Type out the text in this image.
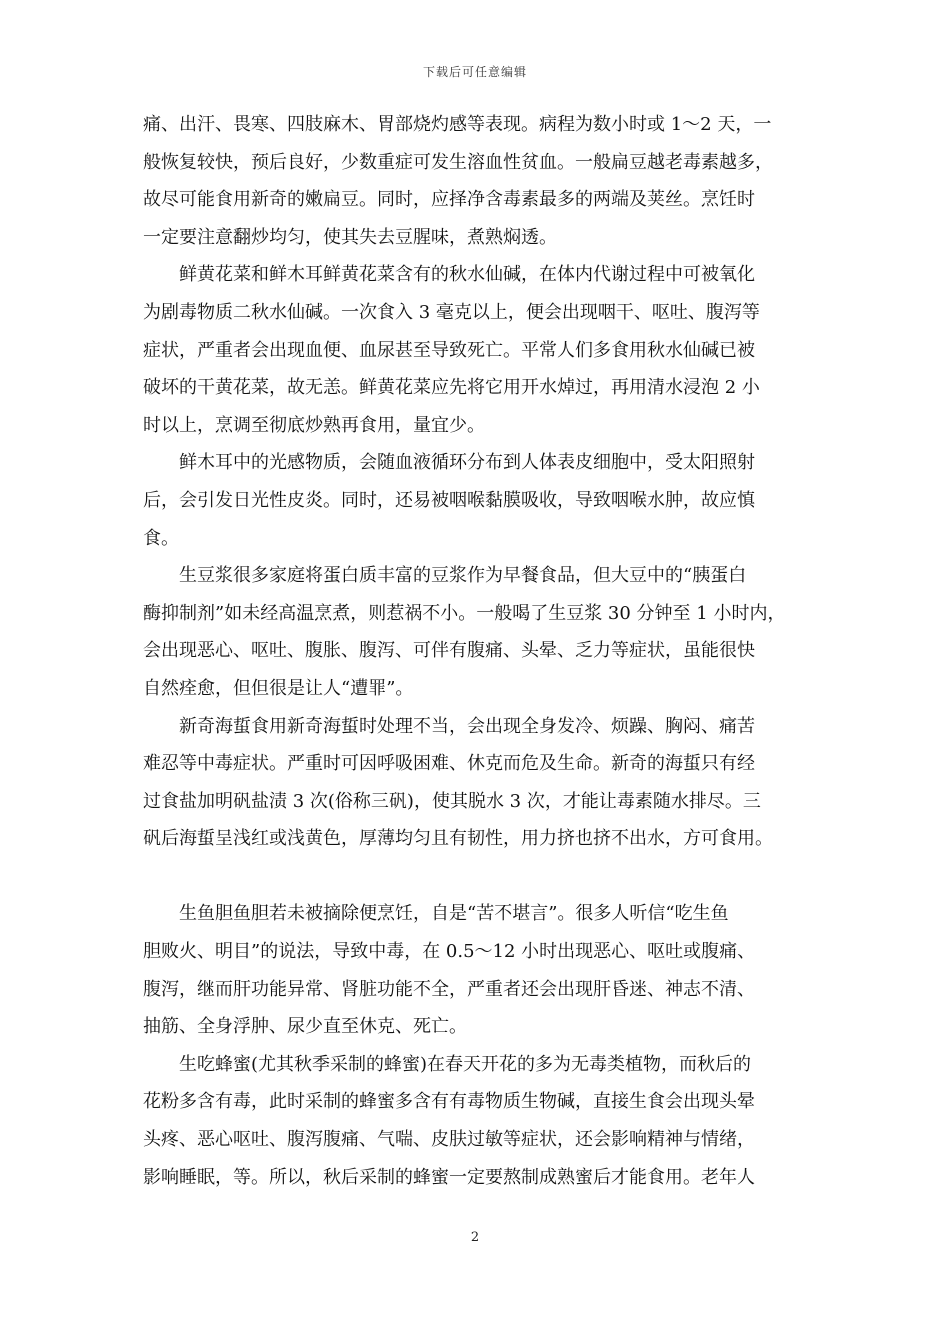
下载后可任意编辑
痛、出汗、畏寒、四肢麻木、胃部烧灼感等表现。病程为数小时或 1～2 天，一
般恢复较快，预后良好，少数重症可发生溶血性贫血。一般扁豆越老毒素越多，
故尽可能食用新奇的嫩扁豆。同时，应择净含毒素最多的两端及荚丝。烹饪时
一定要注意翻炒均匀，使其失去豆腥味，煮熟焖透。
　　鲜黄花菜和鲜木耳鲜黄花菜含有的秋水仙碱，在体内代谢过程中可被氧化
为剧毒物质二秋水仙碱。一次食入 3 毫克以上，便会出现咽干、呕吐、腹泻等
症状，严重者会出现血便、血尿甚至导致死亡。平常人们多食用秋水仙碱已被
破坏的干黄花菜，故无恙。鲜黄花菜应先将它用开水焯过，再用清水浸泡 2 小
时以上，烹调至彻底炒熟再食用，量宜少。
　　鲜木耳中的光感物质，会随血液循环分布到人体表皮细胞中，受太阳照射
后，会引发日光性皮炎。同时，还易被咽喉黏膜吸收，导致咽喉水肿，故应慎
食。
　　生豆浆很多家庭将蛋白质丰富的豆浆作为早餐食品，但大豆中的“胰蛋白
酶抑制剂”如未经高温烹煮，则惹祸不小。一般喝了生豆浆 30 分钟至 1 小时内，
会出现恶心、呕吐、腹胀、腹泻、可伴有腹痛、头晕、乏力等症状，虽能很快
自然痊愈，但但很是让人“遭罪”。
　　新奇海蜇食用新奇海蜇时处理不当，会出现全身发冷、烦躁、胸闷、痛苦
难忍等中毒症状。严重时可因呼吸困难、休克而危及生命。新奇的海蜇只有经
过食盐加明矾盐渍 3 次(俗称三矾)，使其脱水 3 次，才能让毒素随水排尽。三
矾后海蜇呈浅红或浅黄色，厚薄均匀且有韧性，用力挤也挤不出水，方可食用。
　　生鱼胆鱼胆若未被摘除便烹饪，自是“苦不堪言”。很多人听信“吃生鱼
胆败火、明目”的说法，导致中毒，在 0.5～12 小时出现恶心、呕吐或腹痛、
腹泻，继而肝功能异常、肾脏功能不全，严重者还会出现肝昏迷、神志不清、
抽筋、全身浮肿、尿少直至休克、死亡。
　　生吃蜂蜜(尤其秋季采制的蜂蜜)在春天开花的多为无毒类植物，而秋后的
花粉多含有毒，此时采制的蜂蜜多含有有毒物质生物碱，直接生食会出现头晕
头疼、恶心呕吐、腹泻腹痛、气喘、皮肤过敏等症状，还会影响精神与情绪，
影响睡眠，等。所以，秋后采制的蜂蜜一定要熬制成熟蜜后才能食用。老年人
2
